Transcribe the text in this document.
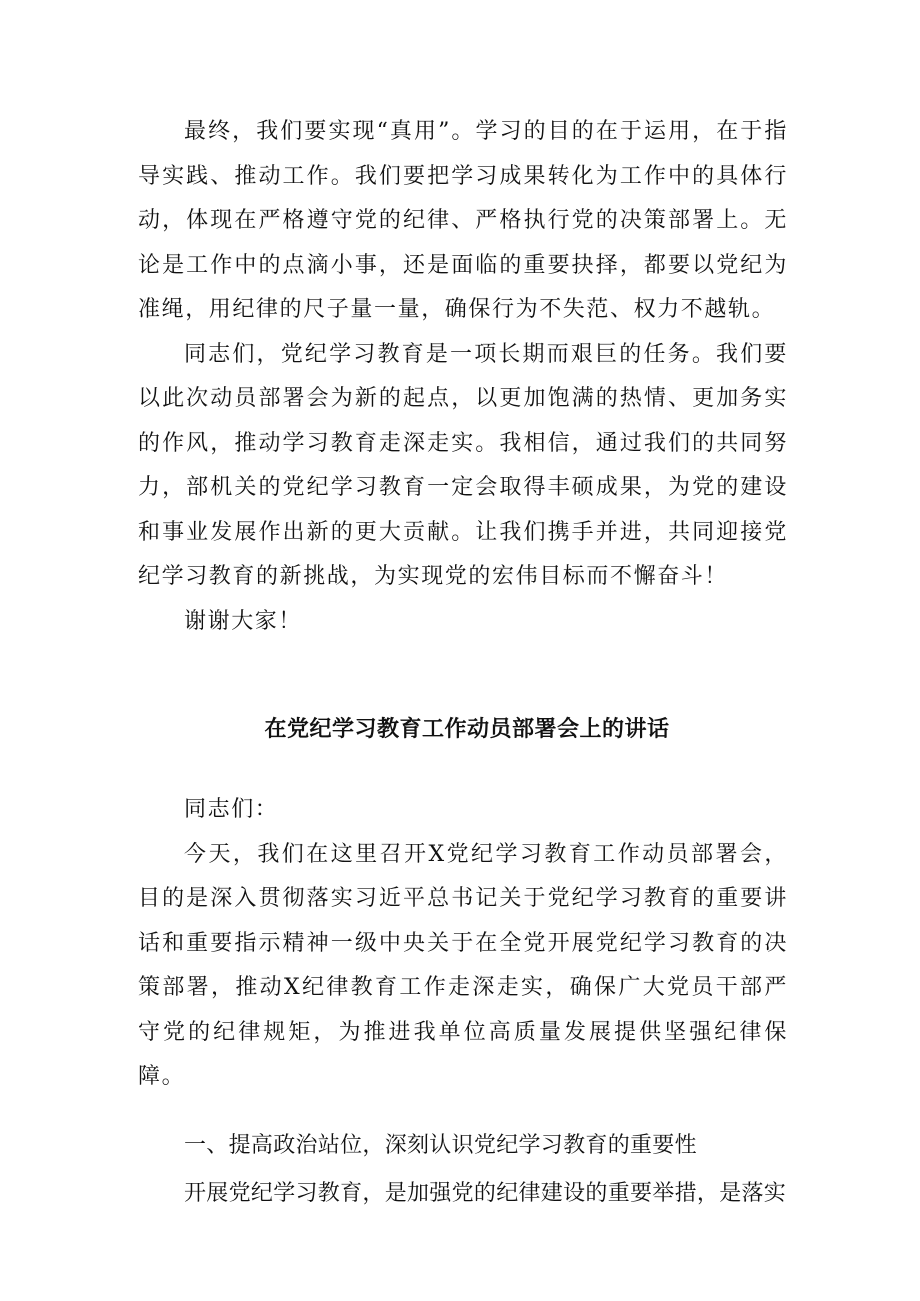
最终，我们要实现“真用”。学习的目的在于运用，在于指导实践、推动工作。我们要把学习成果转化为工作中的具体行动，体现在严格遵守党的纪律、严格执行党的决策部署上。无论是工作中的点滴小事，还是面临的重要抉择，都要以党纪为准绳，用纪律的尺子量一量，确保行为不失范、权力不越轨。

同志们，党纪学习教育是一项长期而艰巨的任务。我们要以此次动员部署会为新的起点，以更加饱满的热情、更加务实的作风，推动学习教育走深走实。我相信，通过我们的共同努力，部机关的党纪学习教育一定会取得丰硕成果，为党的建设和事业发展作出新的更大贡献。让我们携手并进，共同迎接党纪学习教育的新挑战，为实现党的宏伟目标而不懈奋斗！

谢谢大家！

在党纪学习教育工作动员部署会上的讲话

同志们：

今天，我们在这里召开X党纪学习教育工作动员部署会，目的是深入贯彻落实习近平总书记关于党纪学习教育的重要讲话和重要指示精神一级中央关于在全党开展党纪学习教育的决策部署，推动X纪律教育工作走深走实，确保广大党员干部严守党的纪律规矩，为推进我单位高质量发展提供坚强纪律保障。

一、提高政治站位，深刻认识党纪学习教育的重要性

开展党纪学习教育，是加强党的纪律建设的重要举措，是落实
